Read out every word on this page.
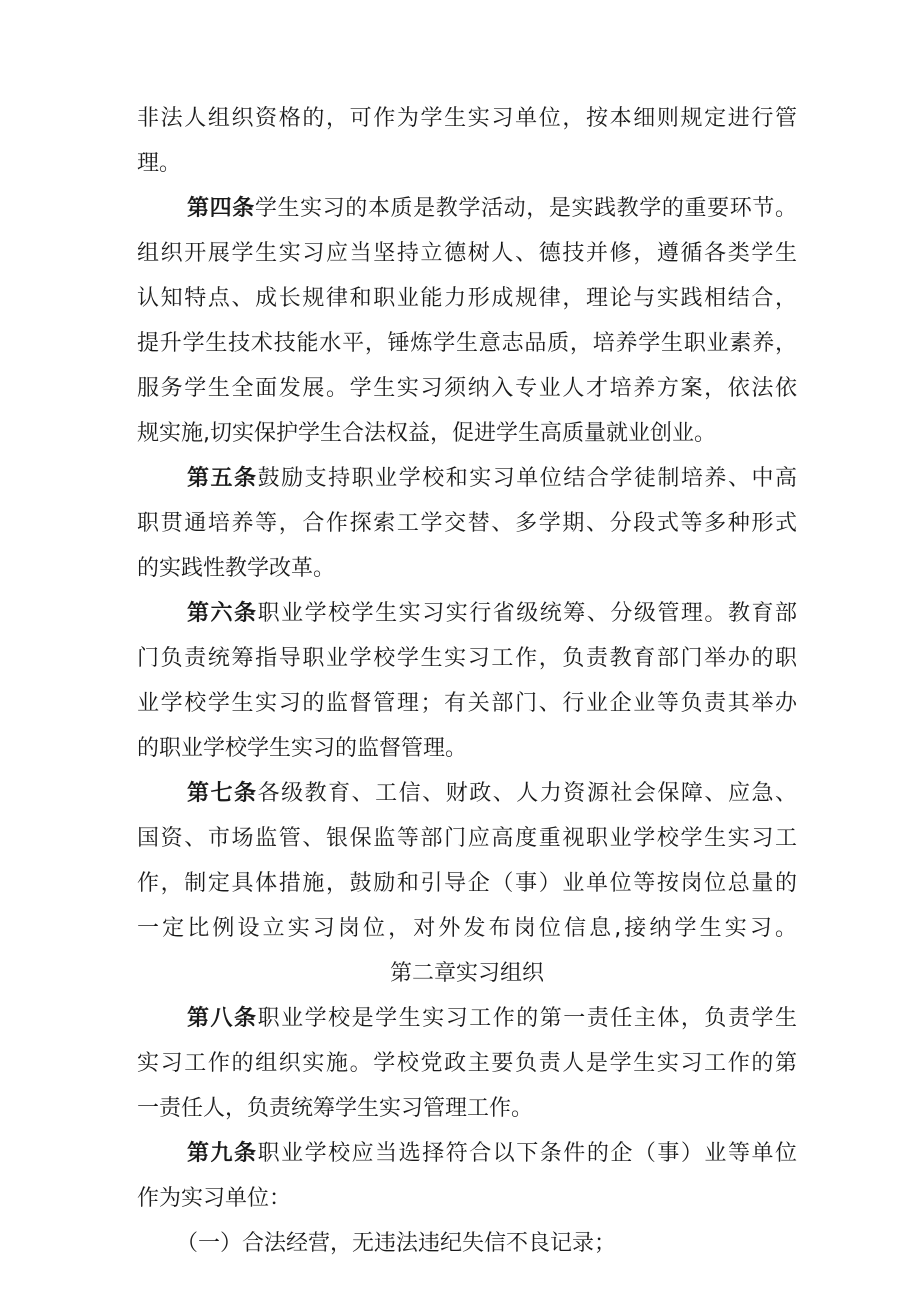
非法人组织资格的，可作为学生实习单位，按本细则规定进行管
理。
第四条学生实习的本质是教学活动，是实践教学的重要环节。
组织开展学生实习应当坚持立德树人、德技并修，遵循各类学生
认知特点、成长规律和职业能力形成规律，理论与实践相结合，
提升学生技术技能水平，锤炼学生意志品质，培养学生职业素养，
服务学生全面发展。学生实习须纳入专业人才培养方案，依法依
规实施,切实保护学生合法权益，促进学生高质量就业创业。
第五条鼓励支持职业学校和实习单位结合学徒制培养、中高
职贯通培养等，合作探索工学交替、多学期、分段式等多种形式
的实践性教学改革。
第六条职业学校学生实习实行省级统筹、分级管理。教育部
门负责统筹指导职业学校学生实习工作，负责教育部门举办的职
业学校学生实习的监督管理；有关部门、行业企业等负责其举办
的职业学校学生实习的监督管理。
第七条各级教育、工信、财政、人力资源社会保障、应急、
国资、市场监管、银保监等部门应高度重视职业学校学生实习工
作，制定具体措施，鼓励和引导企（事）业单位等按岗位总量的
一定比例设立实习岗位，对外发布岗位信息,接纳学生实习。
第二章实习组织
第八条职业学校是学生实习工作的第一责任主体，负责学生
实习工作的组织实施。学校党政主要负责人是学生实习工作的第
一责任人，负责统筹学生实习管理工作。
第九条职业学校应当选择符合以下条件的企（事）业等单位
作为实习单位：
（一）合法经营，无违法违纪失信不良记录；
